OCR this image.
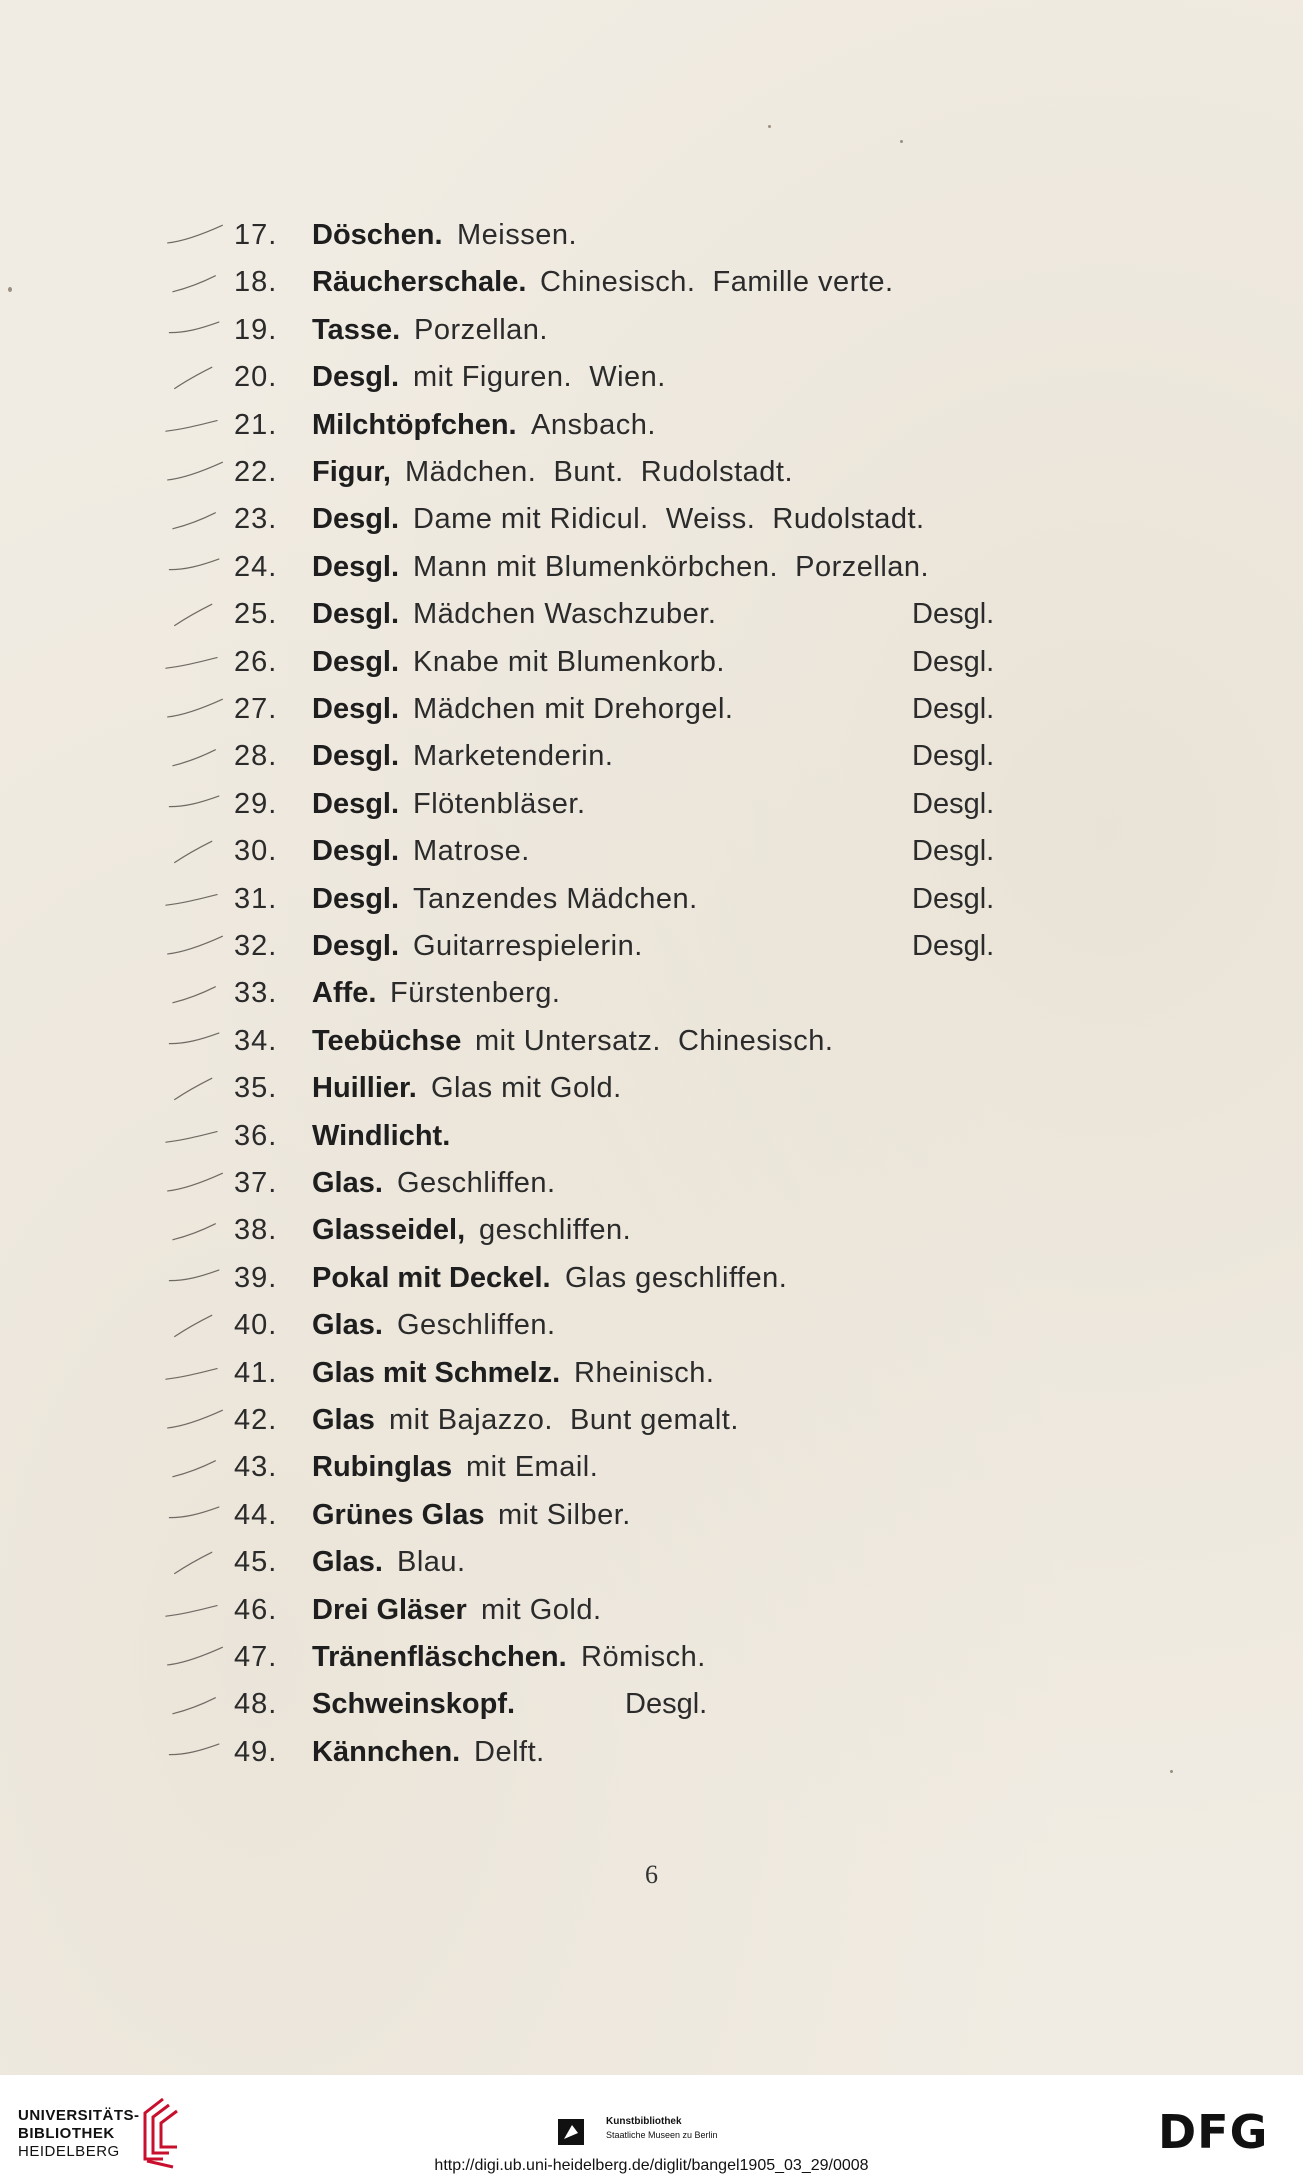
17. Döschen. Meissen.
18. Räucherschale. Chinesisch.  Famille verte.
19. Tasse. Porzellan.
20. Desgl. mit Figuren.  Wien.
21. Milchtöpfchen. Ansbach.
22. Figur, Mädchen.  Bunt.  Rudolstadt.
23. Desgl. Dame mit Ridicul.  Weiss.  Rudolstadt.
24. Desgl. Mann mit Blumenkörbchen.  Porzellan.
25. Desgl. Mädchen Waschzuber.	Desgl.
26. Desgl. Knabe mit Blumenkorb.	Desgl.
27. Desgl. Mädchen mit Drehorgel.	Desgl.
28. Desgl. Marketenderin.	Desgl.
29. Desgl. Flötenbläser.	Desgl.
30. Desgl. Matrose.	Desgl.
31. Desgl. Tanzendes Mädchen.	Desgl.
32. Desgl. Guitarrespielerin.	Desgl.
33. Affe. Fürstenberg.
34. Teebüchse mit Untersatz.  Chinesisch.
35. Huillier. Glas mit Gold.
36. Windlicht.
37. Glas. Geschliffen.
38. Glasseidel, geschliffen.
39. Pokal mit Deckel. Glas geschliffen.
40. Glas. Geschliffen.
41. Glas mit Schmelz. Rheinisch.
42. Glas mit Bajazzo.  Bunt gemalt.
43. Rubinglas mit Email.
44. Grünes Glas mit Silber.
45. Glas. Blau.
46. Drei Gläser mit Gold.
47. Tränenfläschchen. Römisch.
48. Schweinskopf.	Desgl.
49. Kännchen. Delft.
6
UNIVERSITÄTS-
BIBLIOTHEK
HEIDELBERG
Kunstbibliothek
Staatliche Museen zu Berlin	DFG
http://digi.ub.uni-heidelberg.de/diglit/bangel1905_03_29/0008
